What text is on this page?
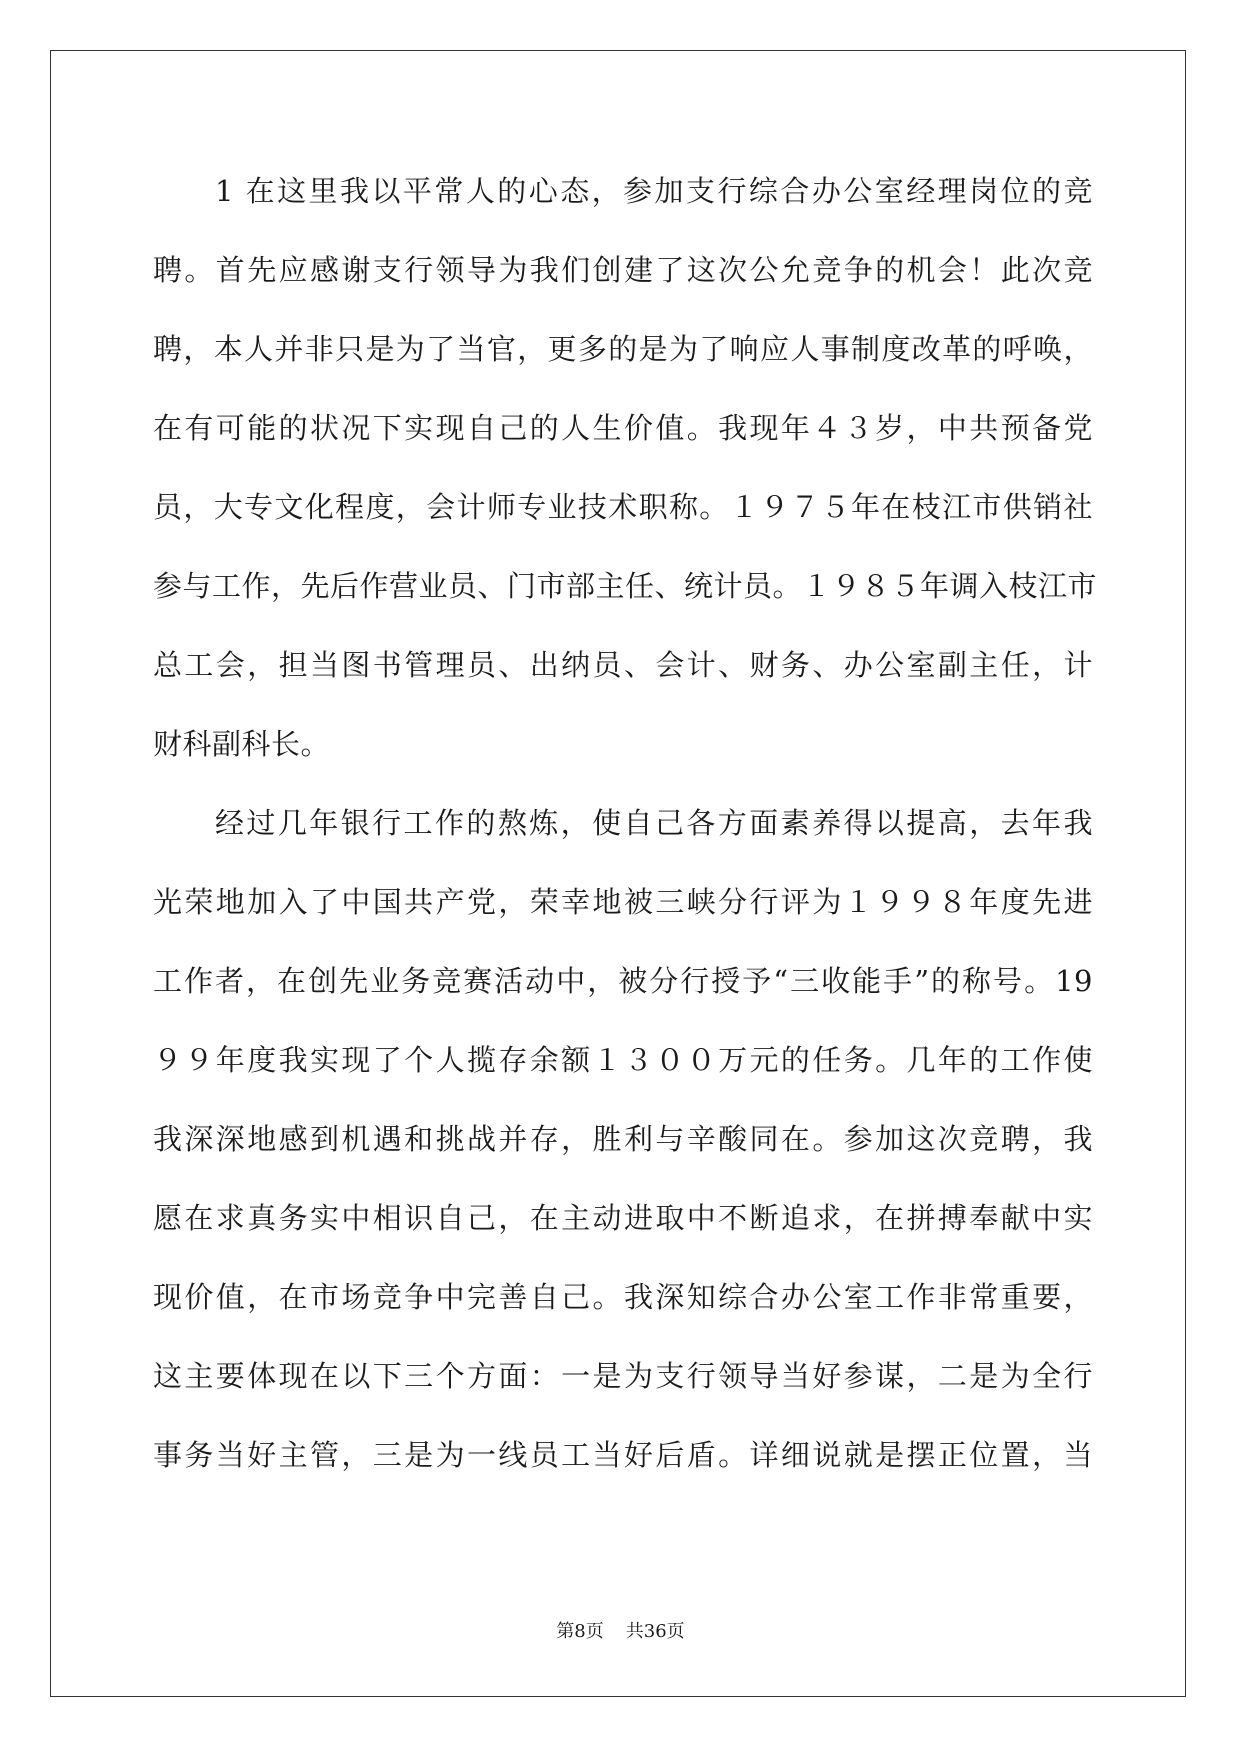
1 在这里我以平常人的心态，参加支行综合办公室经理岗位的竞
聘。首先应感谢支行领导为我们创建了这次公允竞争的机会！此次竞
聘，本人并非只是为了当官，更多的是为了响应人事制度改革的呼唤，
在有可能的状况下实现自己的人生价值。我现年４３岁，中共预备党
员，大专文化程度，会计师专业技术职称。１９７５年在枝江市供销社
参与工作，先后作营业员、门市部主任、统计员。１９８５年调入枝江市
总工会，担当图书管理员、出纳员、会计、财务、办公室副主任，计
财科副科长。
经过几年银行工作的熬炼，使自己各方面素养得以提高，去年我
光荣地加入了中国共产党，荣幸地被三峡分行评为１９９８年度先进
工作者，在创先业务竞赛活动中，被分行授予“三收能手”的称号。19
９９年度我实现了个人揽存余额１３００万元的任务。几年的工作使
我深深地感到机遇和挑战并存，胜利与辛酸同在。参加这次竞聘，我
愿在求真务实中相识自己，在主动进取中不断追求，在拼搏奉献中实
现价值，在市场竞争中完善自己。我深知综合办公室工作非常重要，
这主要体现在以下三个方面：一是为支行领导当好参谋，二是为全行
事务当好主管，三是为一线员工当好后盾。详细说就是摆正位置，当
第8页 共36页
